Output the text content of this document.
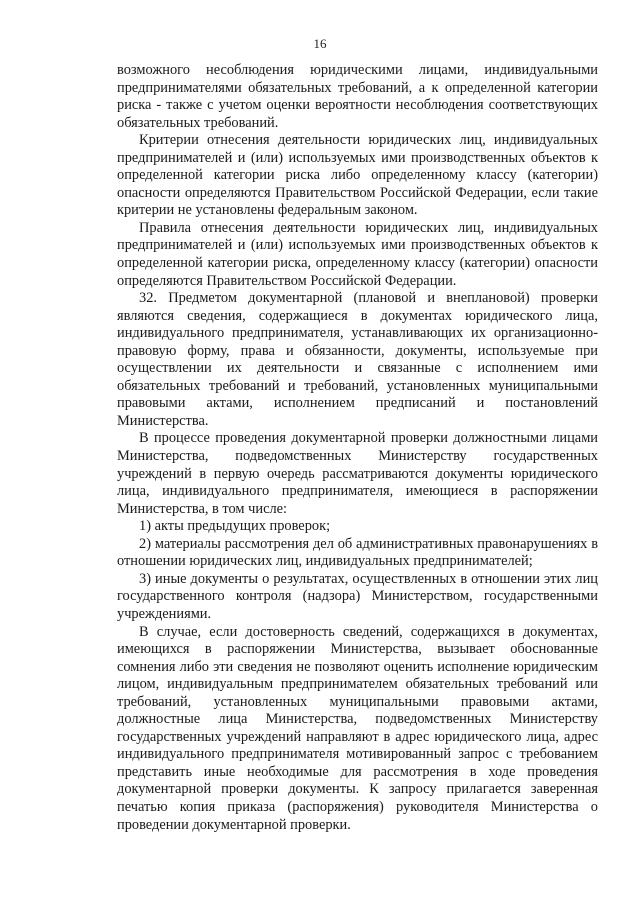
16

возможного несоблюдения юридическими лицами, индивидуальными предпринимателями обязательных требований, а к определенной категории риска - также с учетом оценки вероятности несоблюдения соответствующих обязательных требований.

Критерии отнесения деятельности юридических лиц, индивидуальных предпринимателей и (или) используемых ими производственных объектов к определенной категории риска либо определенному классу (категории) опасности определяются Правительством Российской Федерации, если такие критерии не установлены федеральным законом.

Правила отнесения деятельности юридических лиц, индивидуальных предпринимателей и (или) используемых ими производственных объектов к определенной категории риска, определенному классу (категории) опасности определяются Правительством Российской Федерации.

32. Предметом документарной (плановой и внеплановой) проверки являются сведения, содержащиеся в документах юридического лица, индивидуального предпринимателя, устанавливающих их организационно-правовую форму, права и обязанности, документы, используемые при осуществлении их деятельности и связанные с исполнением ими обязательных требований и требований, установленных муниципальными правовыми актами, исполнением предписаний и постановлений Министерства.

В процессе проведения документарной проверки должностными лицами Министерства, подведомственных Министерству государственных учреждений в первую очередь рассматриваются документы юридического лица, индивидуального предпринимателя, имеющиеся в распоряжении Министерства, в том числе:

1) акты предыдущих проверок;

2) материалы рассмотрения дел об административных правонарушениях в отношении юридических лиц, индивидуальных предпринимателей;

3) иные документы о результатах, осуществленных в отношении этих лиц государственного контроля (надзора) Министерством, государственными учреждениями.

В случае, если достоверность сведений, содержащихся в документах, имеющихся в распоряжении Министерства, вызывает обоснованные сомнения либо эти сведения не позволяют оценить исполнение юридическим лицом, индивидуальным предпринимателем обязательных требований или требований, установленных муниципальными правовыми актами, должностные лица Министерства, подведомственных Министерству государственных учреждений направляют в адрес юридического лица, адрес индивидуального предпринимателя мотивированный запрос с требованием представить иные необходимые для рассмотрения в ходе проведения документарной проверки документы. К запросу прилагается заверенная печатью копия приказа (распоряжения) руководителя Министерства о проведении документарной проверки.
